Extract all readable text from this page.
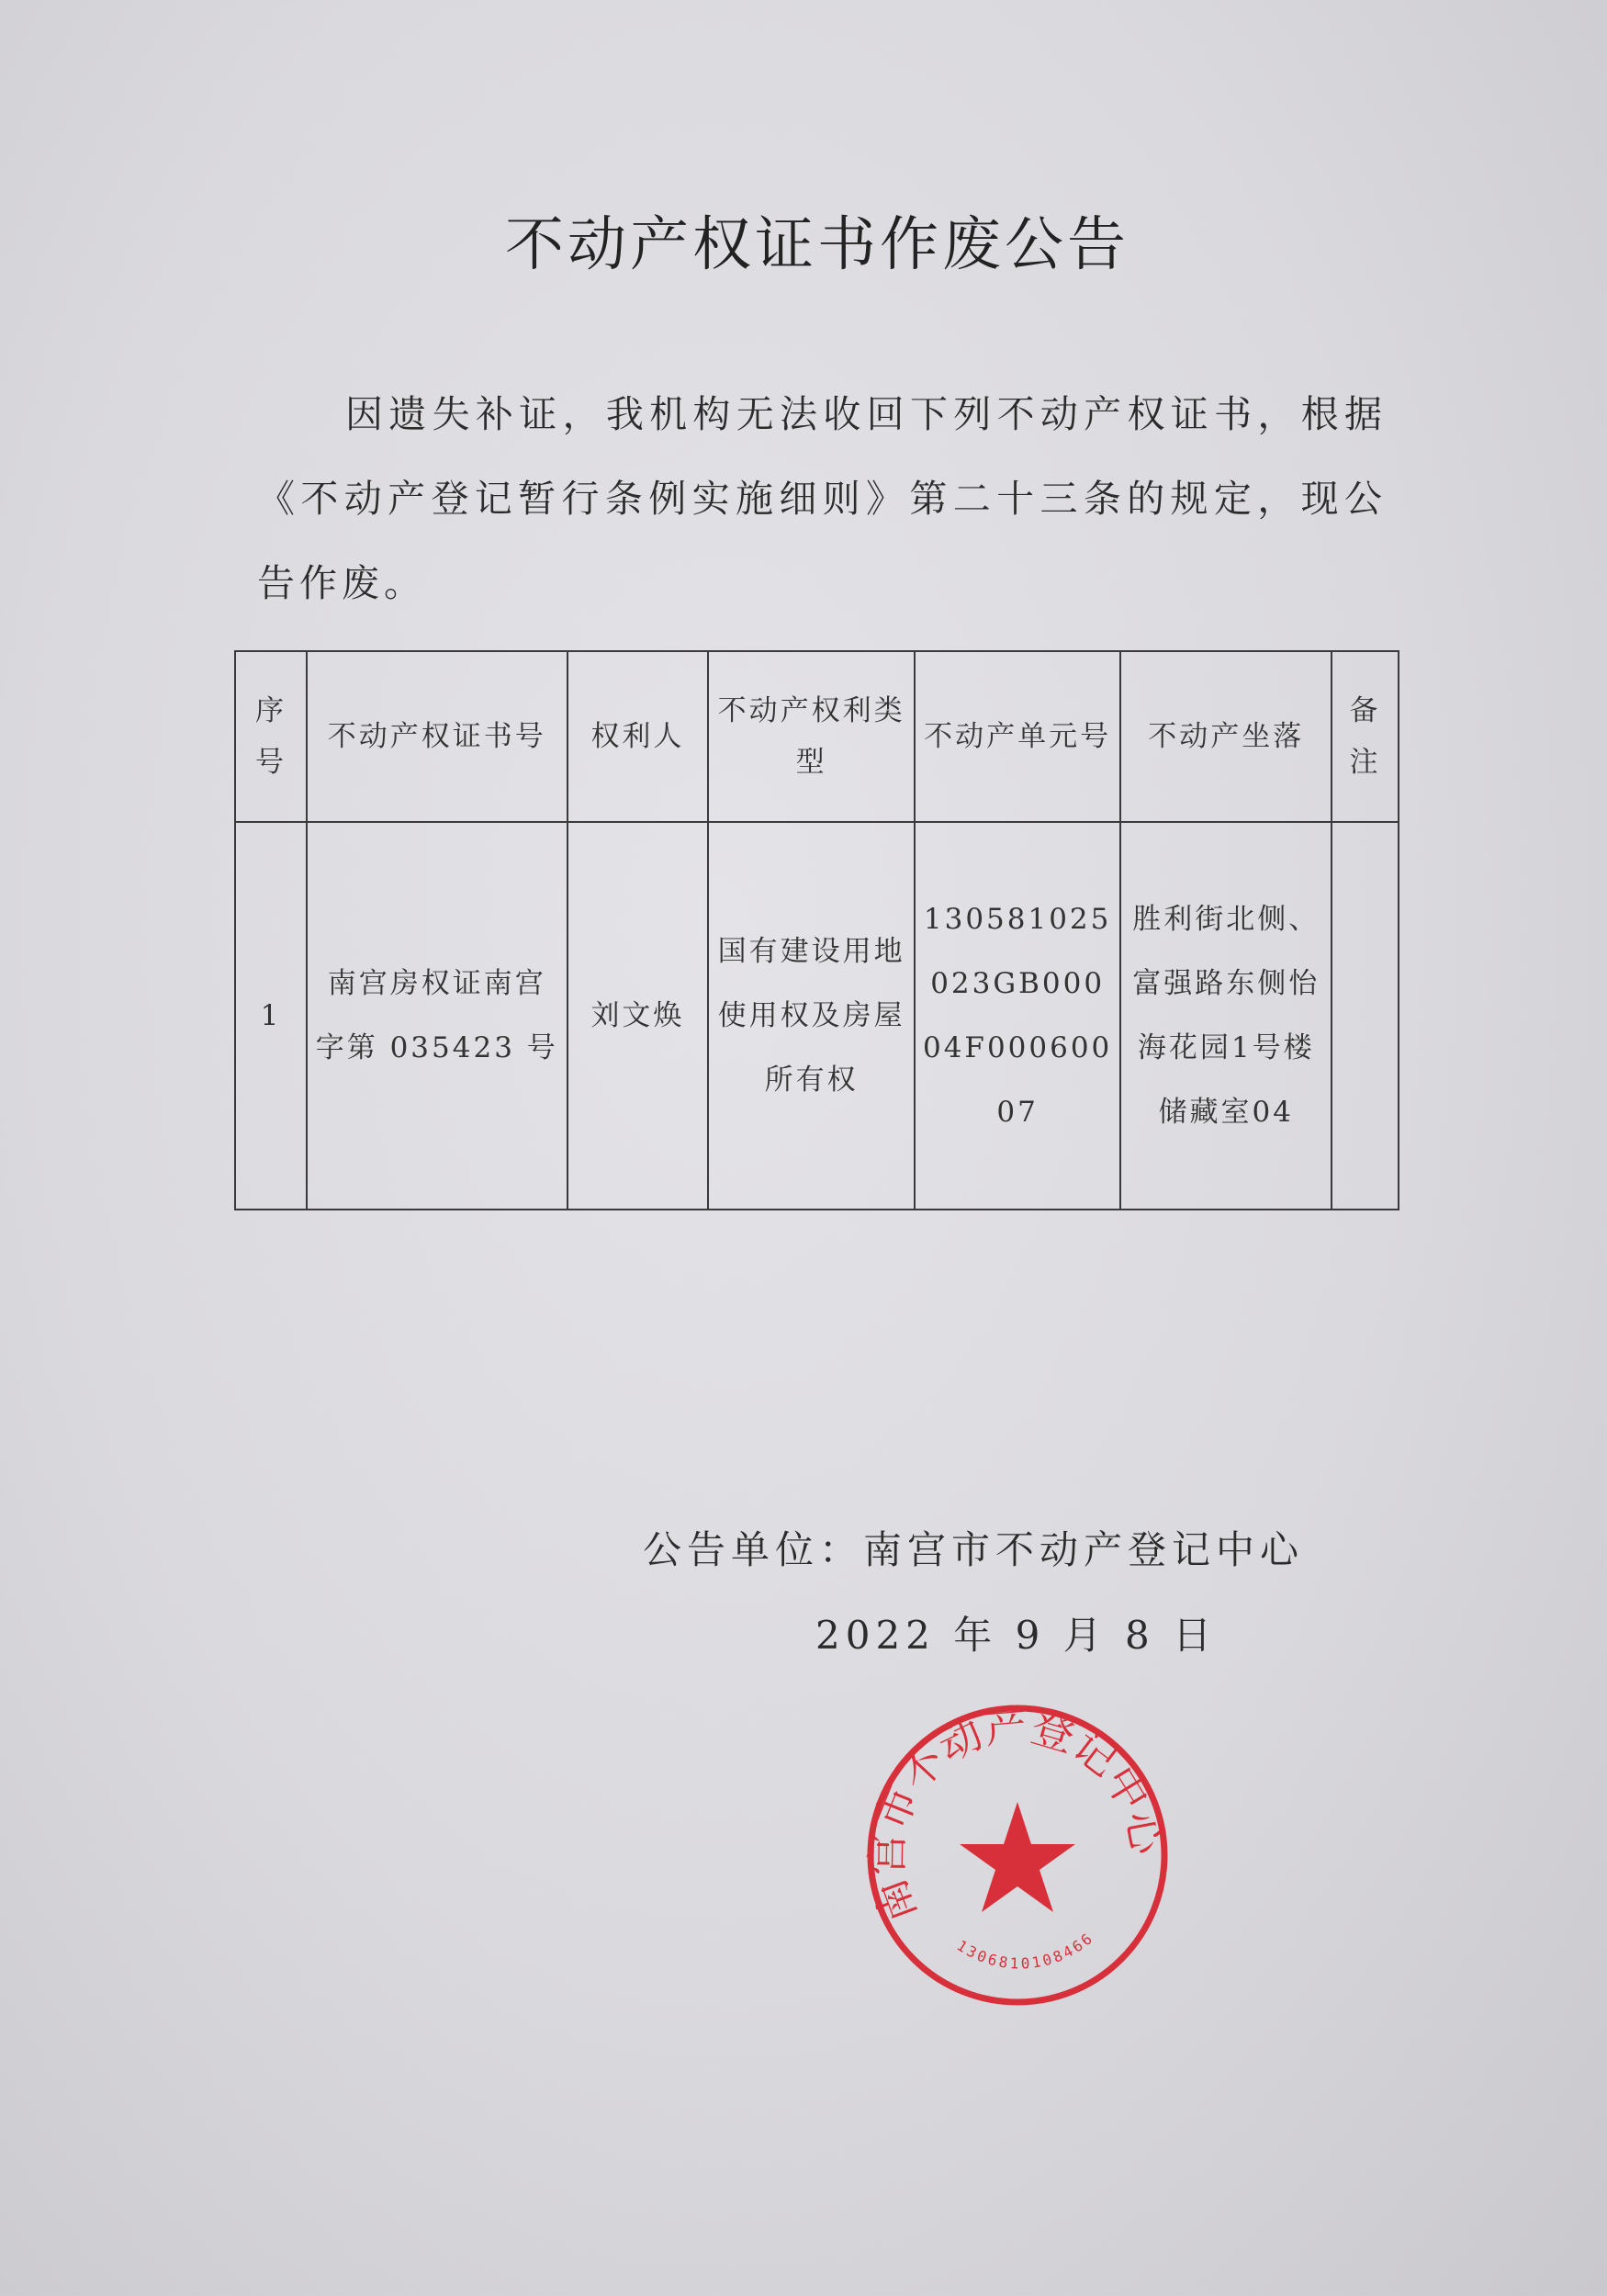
不动产权证书作废公告
因遗失补证，我机构无法收回下列不动产权证书，根据《不动产登记暂行条例实施细则》第二十三条的规定，现公告作废。
序号	不动产权证书号	权利人	不动产权利类型	不动产单元号	不动产坐落	备注
1	南宫房权证南宫字第 035423 号	刘文焕	国有建设用地使用权及房屋所有权	130581025023GB00004F00060007	胜利街北侧、富强路东侧怡海花园1号楼储藏室04	
公告单位：南宫市不动产登记中心
2022 年 9 月 8 日
南宫市不动产登记中心
1306810108466
